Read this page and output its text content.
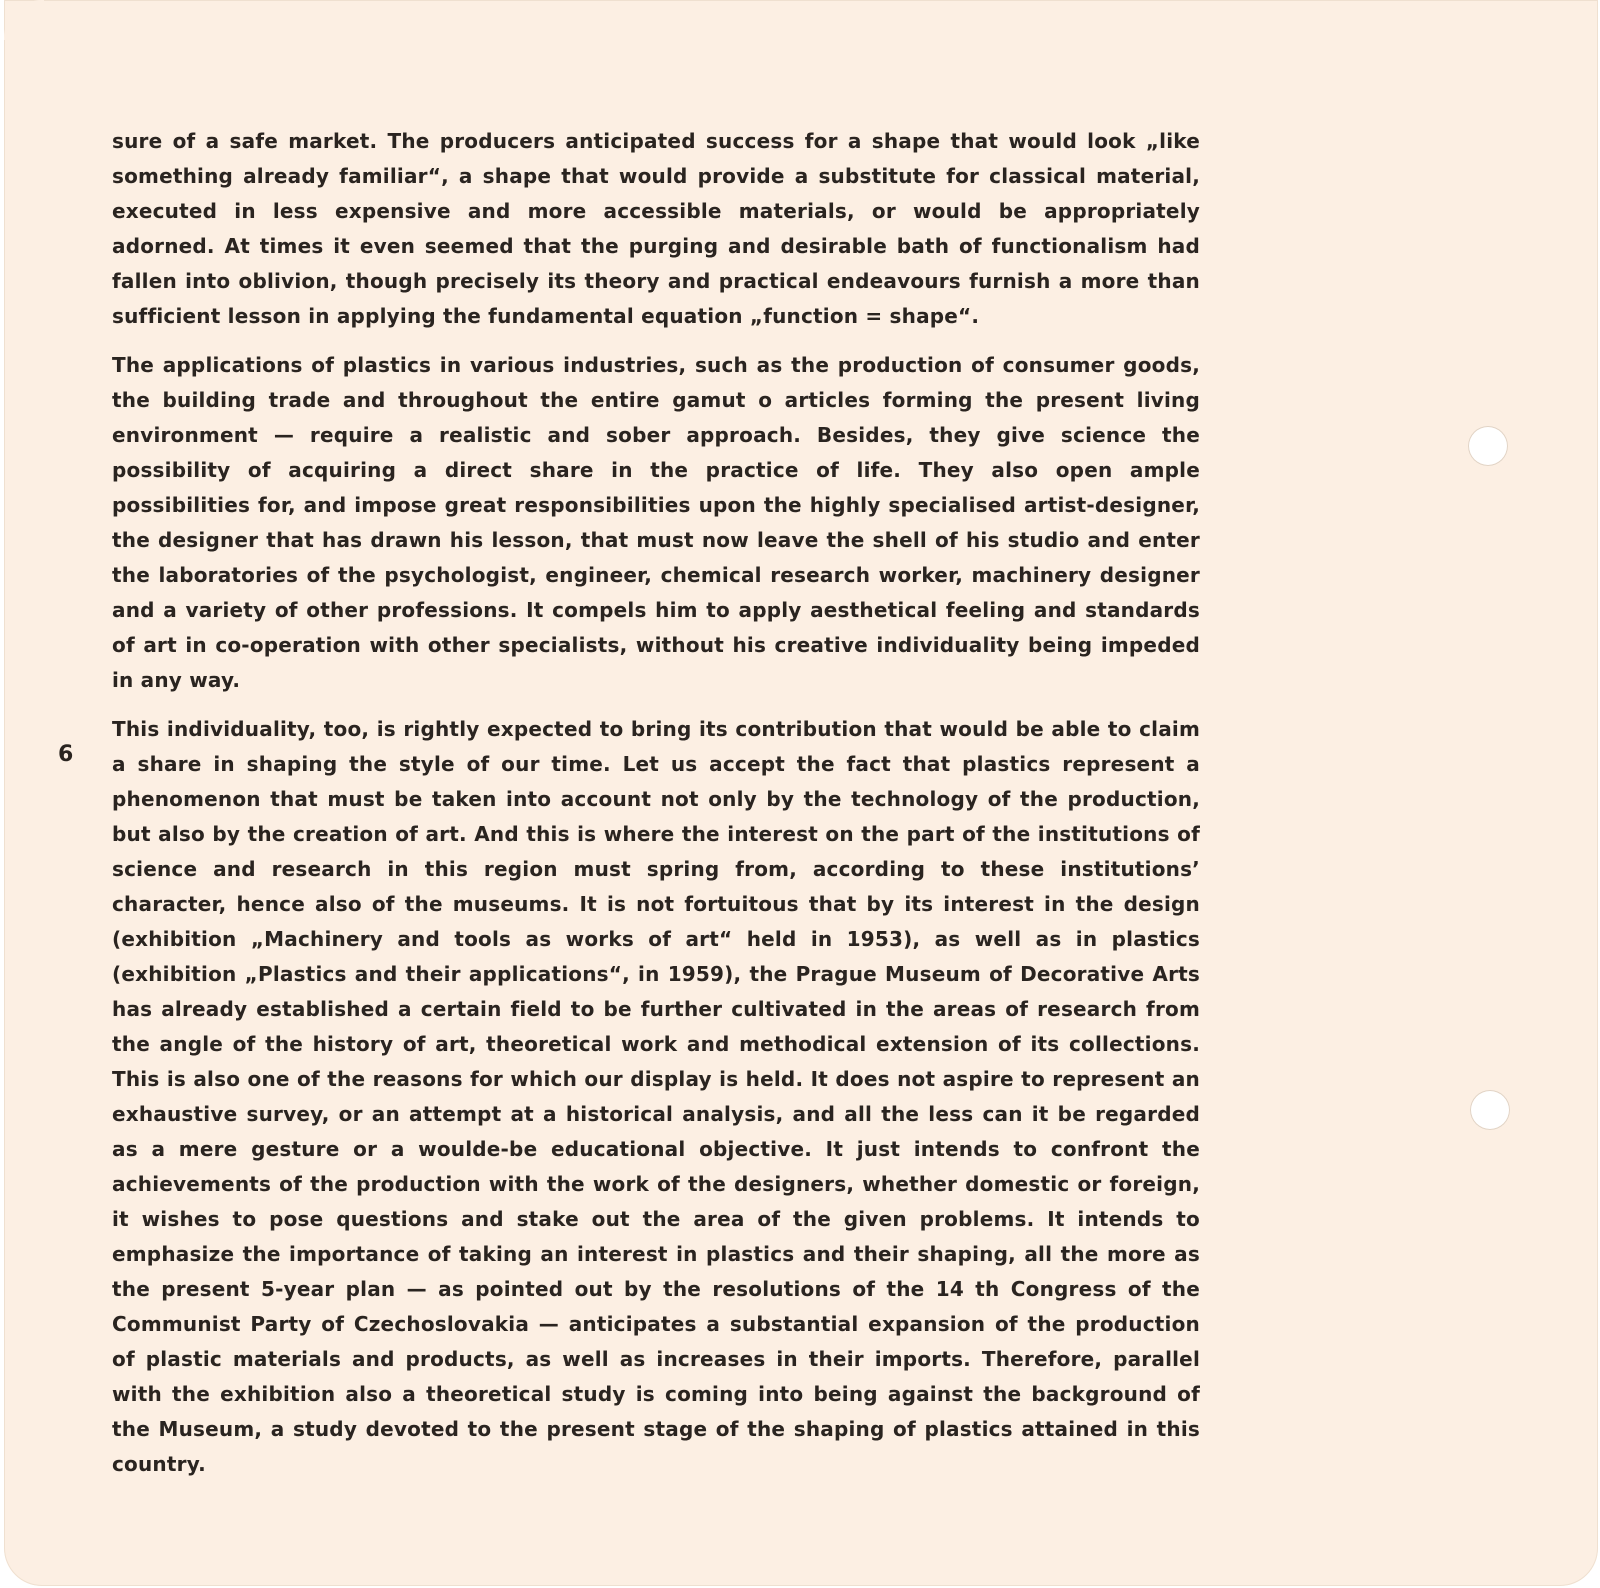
6

sure of a safe market. The producers anticipated success for a shape that would look „like something already familiar“, a shape that would provide a substitute for classical material, executed in less expensive and more accessible materials, or would be appropriately adorned. At times it even seemed that the purging and desirable bath of functionalism had fallen into oblivion, though precisely its theory and practical endeavours furnish a more than sufficient lesson in applying the fundamental equation „function = shape“.

The applications of plastics in various industries, such as the production of consumer goods, the building trade and throughout the entire gamut o articles forming the present living environment — require a realistic and sober approach. Besides, they give science the possibility of acquiring a direct share in the practice of life. They also open ample possibilities for, and impose great responsibilities upon the highly specialised artist-designer, the designer that has drawn his lesson, that must now leave the shell of his studio and enter the laboratories of the psychologist, engineer, chemical research worker, machinery designer and a variety of other professions. It compels him to apply aesthetical feeling and standards of art in co-operation with other specialists, without his creative individuality being impeded in any way.

This individuality, too, is rightly expected to bring its contribution that would be able to claim a share in shaping the style of our time. Let us accept the fact that plastics represent a phenomenon that must be taken into account not only by the technology of the production, but also by the creation of art. And this is where the interest on the part of the institutions of science and research in this region must spring from, according to these institutions’ character, hence also of the museums. It is not fortuitous that by its interest in the design (exhibition „Machinery and tools as works of art“ held in 1953), as well as in plastics (exhibition „Plastics and their applications“, in 1959), the Prague Museum of Decorative Arts has already established a certain field to be further cultivated in the areas of research from the angle of the history of art, theoretical work and methodical extension of its collections. This is also one of the reasons for which our display is held. It does not aspire to represent an exhaustive survey, or an attempt at a historical analysis, and all the less can it be regarded as a mere gesture or a woulde-be educational objective. It just intends to confront the achievements of the production with the work of the designers, whether domestic or foreign, it wishes to pose questions and stake out the area of the given problems. It intends to emphasize the importance of taking an interest in plastics and their shaping, all the more as the present 5-year plan — as pointed out by the resolutions of the 14 th Congress of the Communist Party of Czechoslovakia — anticipates a substantial expansion of the production of plastic materials and products, as well as increases in their imports. Therefore, parallel with the exhibition also a theoretical study is coming into being against the background of the Museum, a study devoted to the present stage of the shaping of plastics attained in this country.
